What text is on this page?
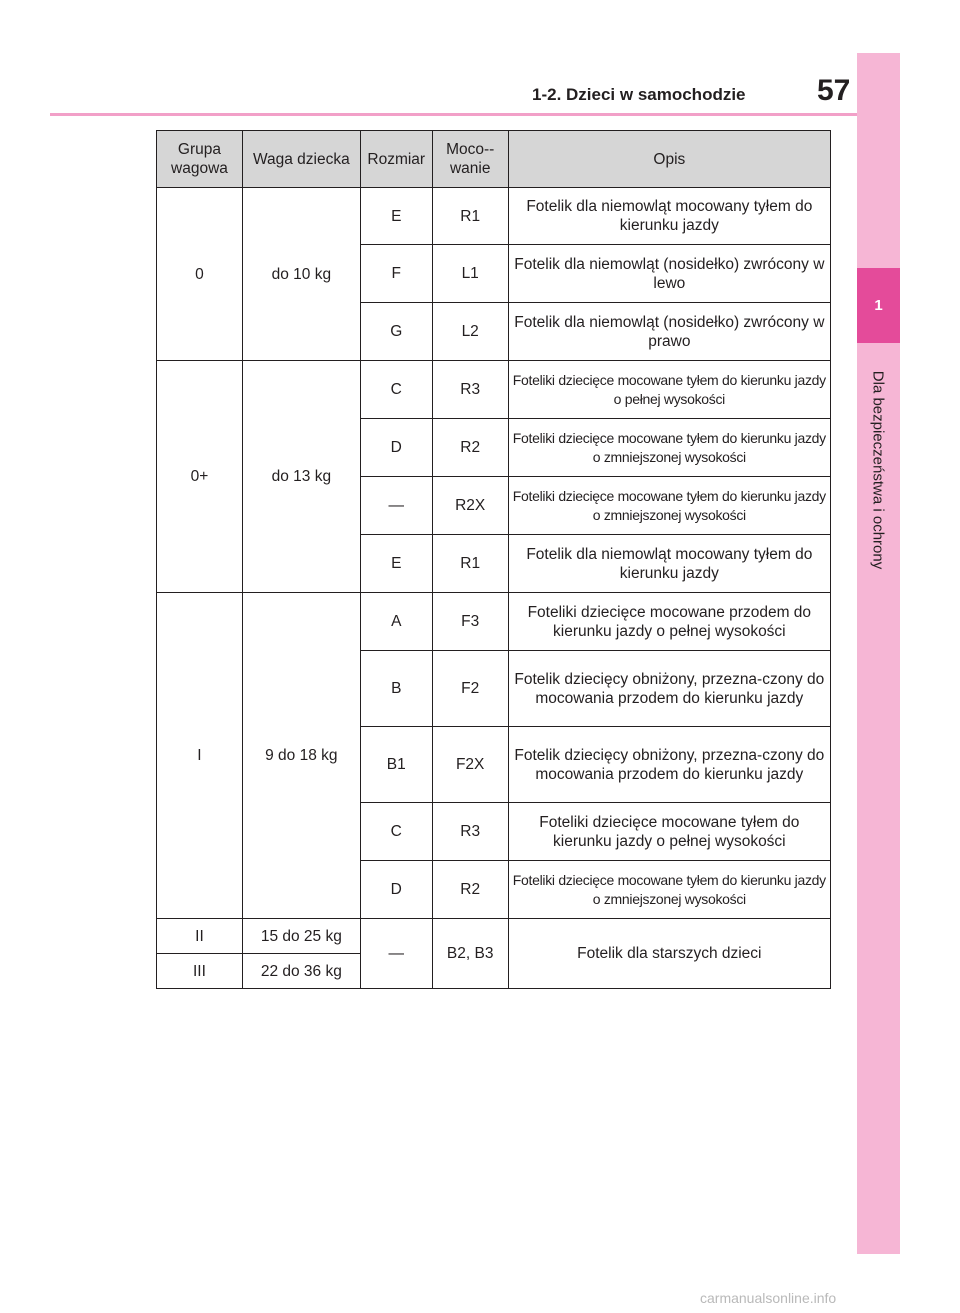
1-2. Dzieci w samochodzie 57
1
Dla bezpieczeństwa i ochrony
Grupa wagowa	Waga dziecka	Rozmiar	Moco-wanie	Opis
0	do 10 kg	E	R1	Fotelik dla niemowląt mocowany tyłem do kierunku jazdy
		F	L1	Fotelik dla niemowląt (nosidełko) zwrócony w lewo
		G	L2	Fotelik dla niemowląt (nosidełko) zwrócony w prawo
0+	do 13 kg	C	R3	Foteliki dziecięce mocowane tyłem do kierunku jazdy o pełnej wysokości
		D	R2	Foteliki dziecięce mocowane tyłem do kierunku jazdy o zmniejszonej wysokości
		—	R2X	Foteliki dziecięce mocowane tyłem do kierunku jazdy o zmniejszonej wysokości
		E	R1	Fotelik dla niemowląt mocowany tyłem do kierunku jazdy
I	9 do 18 kg	A	F3	Foteliki dziecięce mocowane przodem do kierunku jazdy o pełnej wysokości
		B	F2	Fotelik dziecięcy obniżony, przezna-czony do mocowania przodem do kierunku jazdy
		B1	F2X	Fotelik dziecięcy obniżony, przezna-czony do mocowania przodem do kierunku jazdy
		C	R3	Foteliki dziecięce mocowane tyłem do kierunku jazdy o pełnej wysokości
		D	R2	Foteliki dziecięce mocowane tyłem do kierunku jazdy o zmniejszonej wysokości
II	15 do 25 kg	—	B2, B3	Fotelik dla starszych dzieci
III	22 do 36 kg			
carmanualsonline.info
